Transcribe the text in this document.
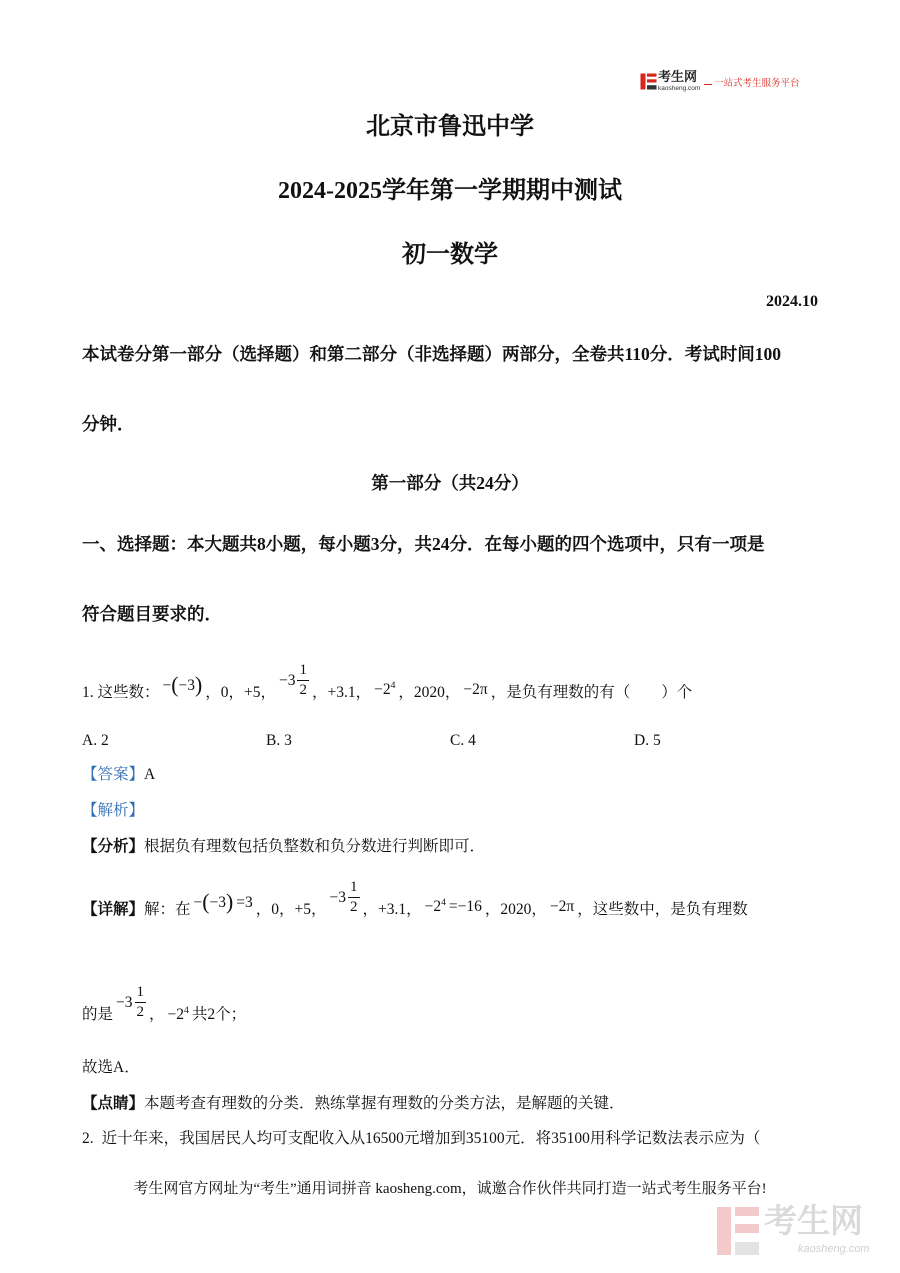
考生网
kaosheng.com 一站式考生服务平台
北京市鲁迅中学
2024-2025学年第一学期期中测试
初一数学
2024.10
本试卷分第一部分（选择题）和第二部分（非选择题）两部分，全卷共110分．考试时间100
分钟．
第一部分（共24分）
一、选择题：本大题共8小题，每小题3分，共24分．在每小题的四个选项中，只有一项是
符合题目要求的．
1. 这些数： −(−3) ，0，+5，
$-3 \frac{1}{2}$ ，+3.1， $-2^4$ ，2020， −2π ，是负有理数的有（　　）个
A. 2	B. 3	C. 4	D. 5
【答案】A
【解析】
【分析】根据负有理数包括负整数和负分数进行判断即可．
【详解】解：在 −(−3) =3 ，0，+5，
$-3 \frac{1}{2}$ ，+3.1， $-2^4 =-16$ ，2020， −2π ，这些数中，是负有理数
的是
$-3 \frac{1}{2}$ ， $-2^4$ 共2个；
故选A．
【点睛】本题考查有理数的分类．熟练掌握有理数的分类方法，是解题的关键．
2. 近十年来，我国居民人均可支配收入从16500元增加到35100元．将35100用科学记数法表示应为（
考生网官方网址为“考生”通用词拼音 kaosheng.com，诚邀合作伙伴共同打造一站式考生服务平台!
考生网
kaosheng.com
